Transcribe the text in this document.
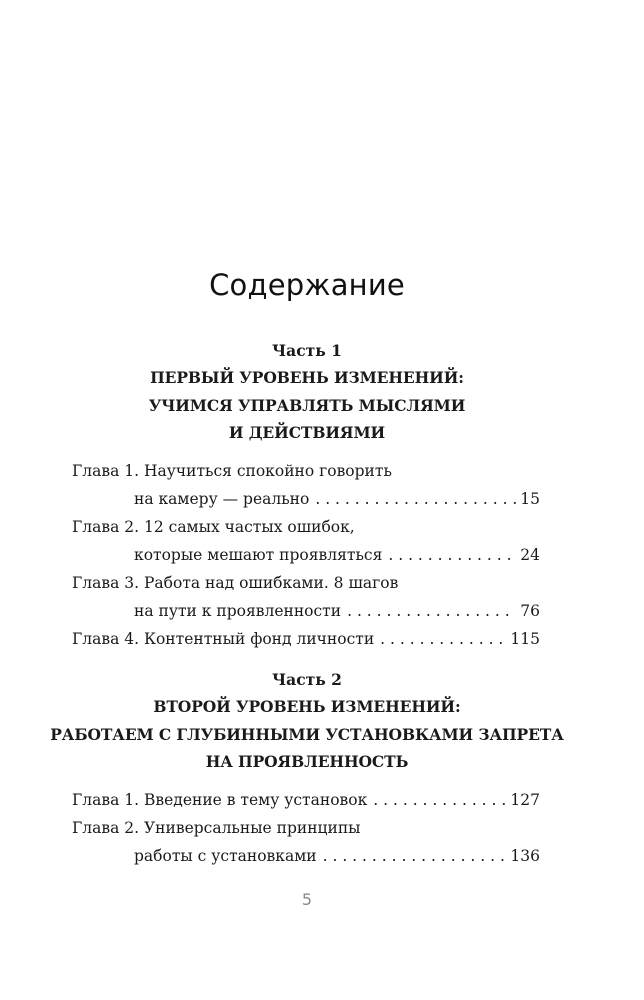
Содержание
Часть 1
ПЕРВЫЙ УРОВЕНЬ ИЗМЕНЕНИЙ:
УЧИМСЯ УПРАВЛЯТЬ МЫСЛЯМИ
И ДЕЙСТВИЯМИ
Глава 1.
Научиться спокойно говорить
на камеру — реально . . .	15
Глава 2.
12 самых частых ошибок,
которые мешают проявляться . . .	24
Глава 3.
Работа над ошибками. 8 шагов
на пути к проявленности . . .	76
Глава 4.
Контентный фонд личности . . .	115
Часть 2
ВТОРОЙ УРОВЕНЬ ИЗМЕНЕНИЙ:
РАБОТАЕМ С ГЛУБИННЫМИ УСТАНОВКАМИ ЗАПРЕТА
НА ПРОЯВЛЕННОСТЬ
Глава 1.
Введение в тему установок . . .	127
Глава 2.
Универсальные принципы
работы с установками . . .	136
5
